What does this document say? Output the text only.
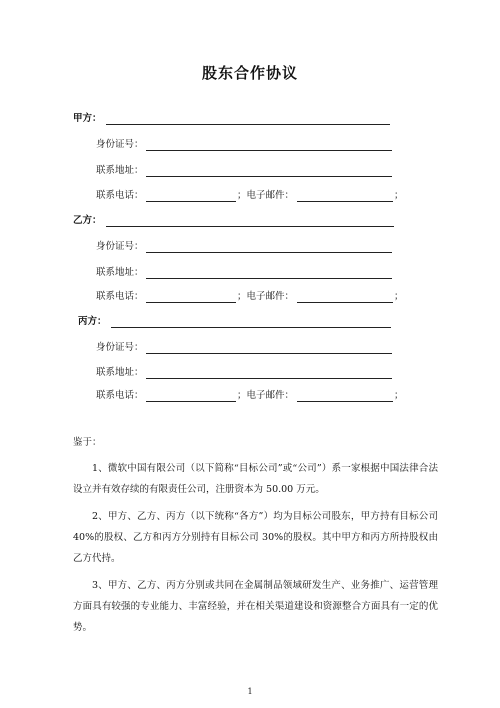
股东合作协议
甲方：
身份证号：
联系地址：
联系电话：	；电子邮件：	；
乙方：
身份证号：
联系地址：
联系电话：	；电子邮件：	；
丙方：
身份证号：
联系地址：
联系电话：	；电子邮件：	；
鉴于：
1、微软中国有限公司（以下简称“目标公司”或“公司”）系一家根据中国法律合法设立并有效存续的有限责任公司，注册资本为 50.00 万元。
2、甲方、乙方、丙方（以下统称“各方”）均为目标公司股东，甲方持有目标公司 40%的股权、乙方和丙方分别持有目标公司 30%的股权。其中甲方和丙方所持股权由乙方代持。
3、甲方、乙方、丙方分别或共同在金属制品领域研发生产、业务推广、运营管理方面具有较强的专业能力、丰富经验，并在相关渠道建设和资源整合方面具有一定的优势。
1
